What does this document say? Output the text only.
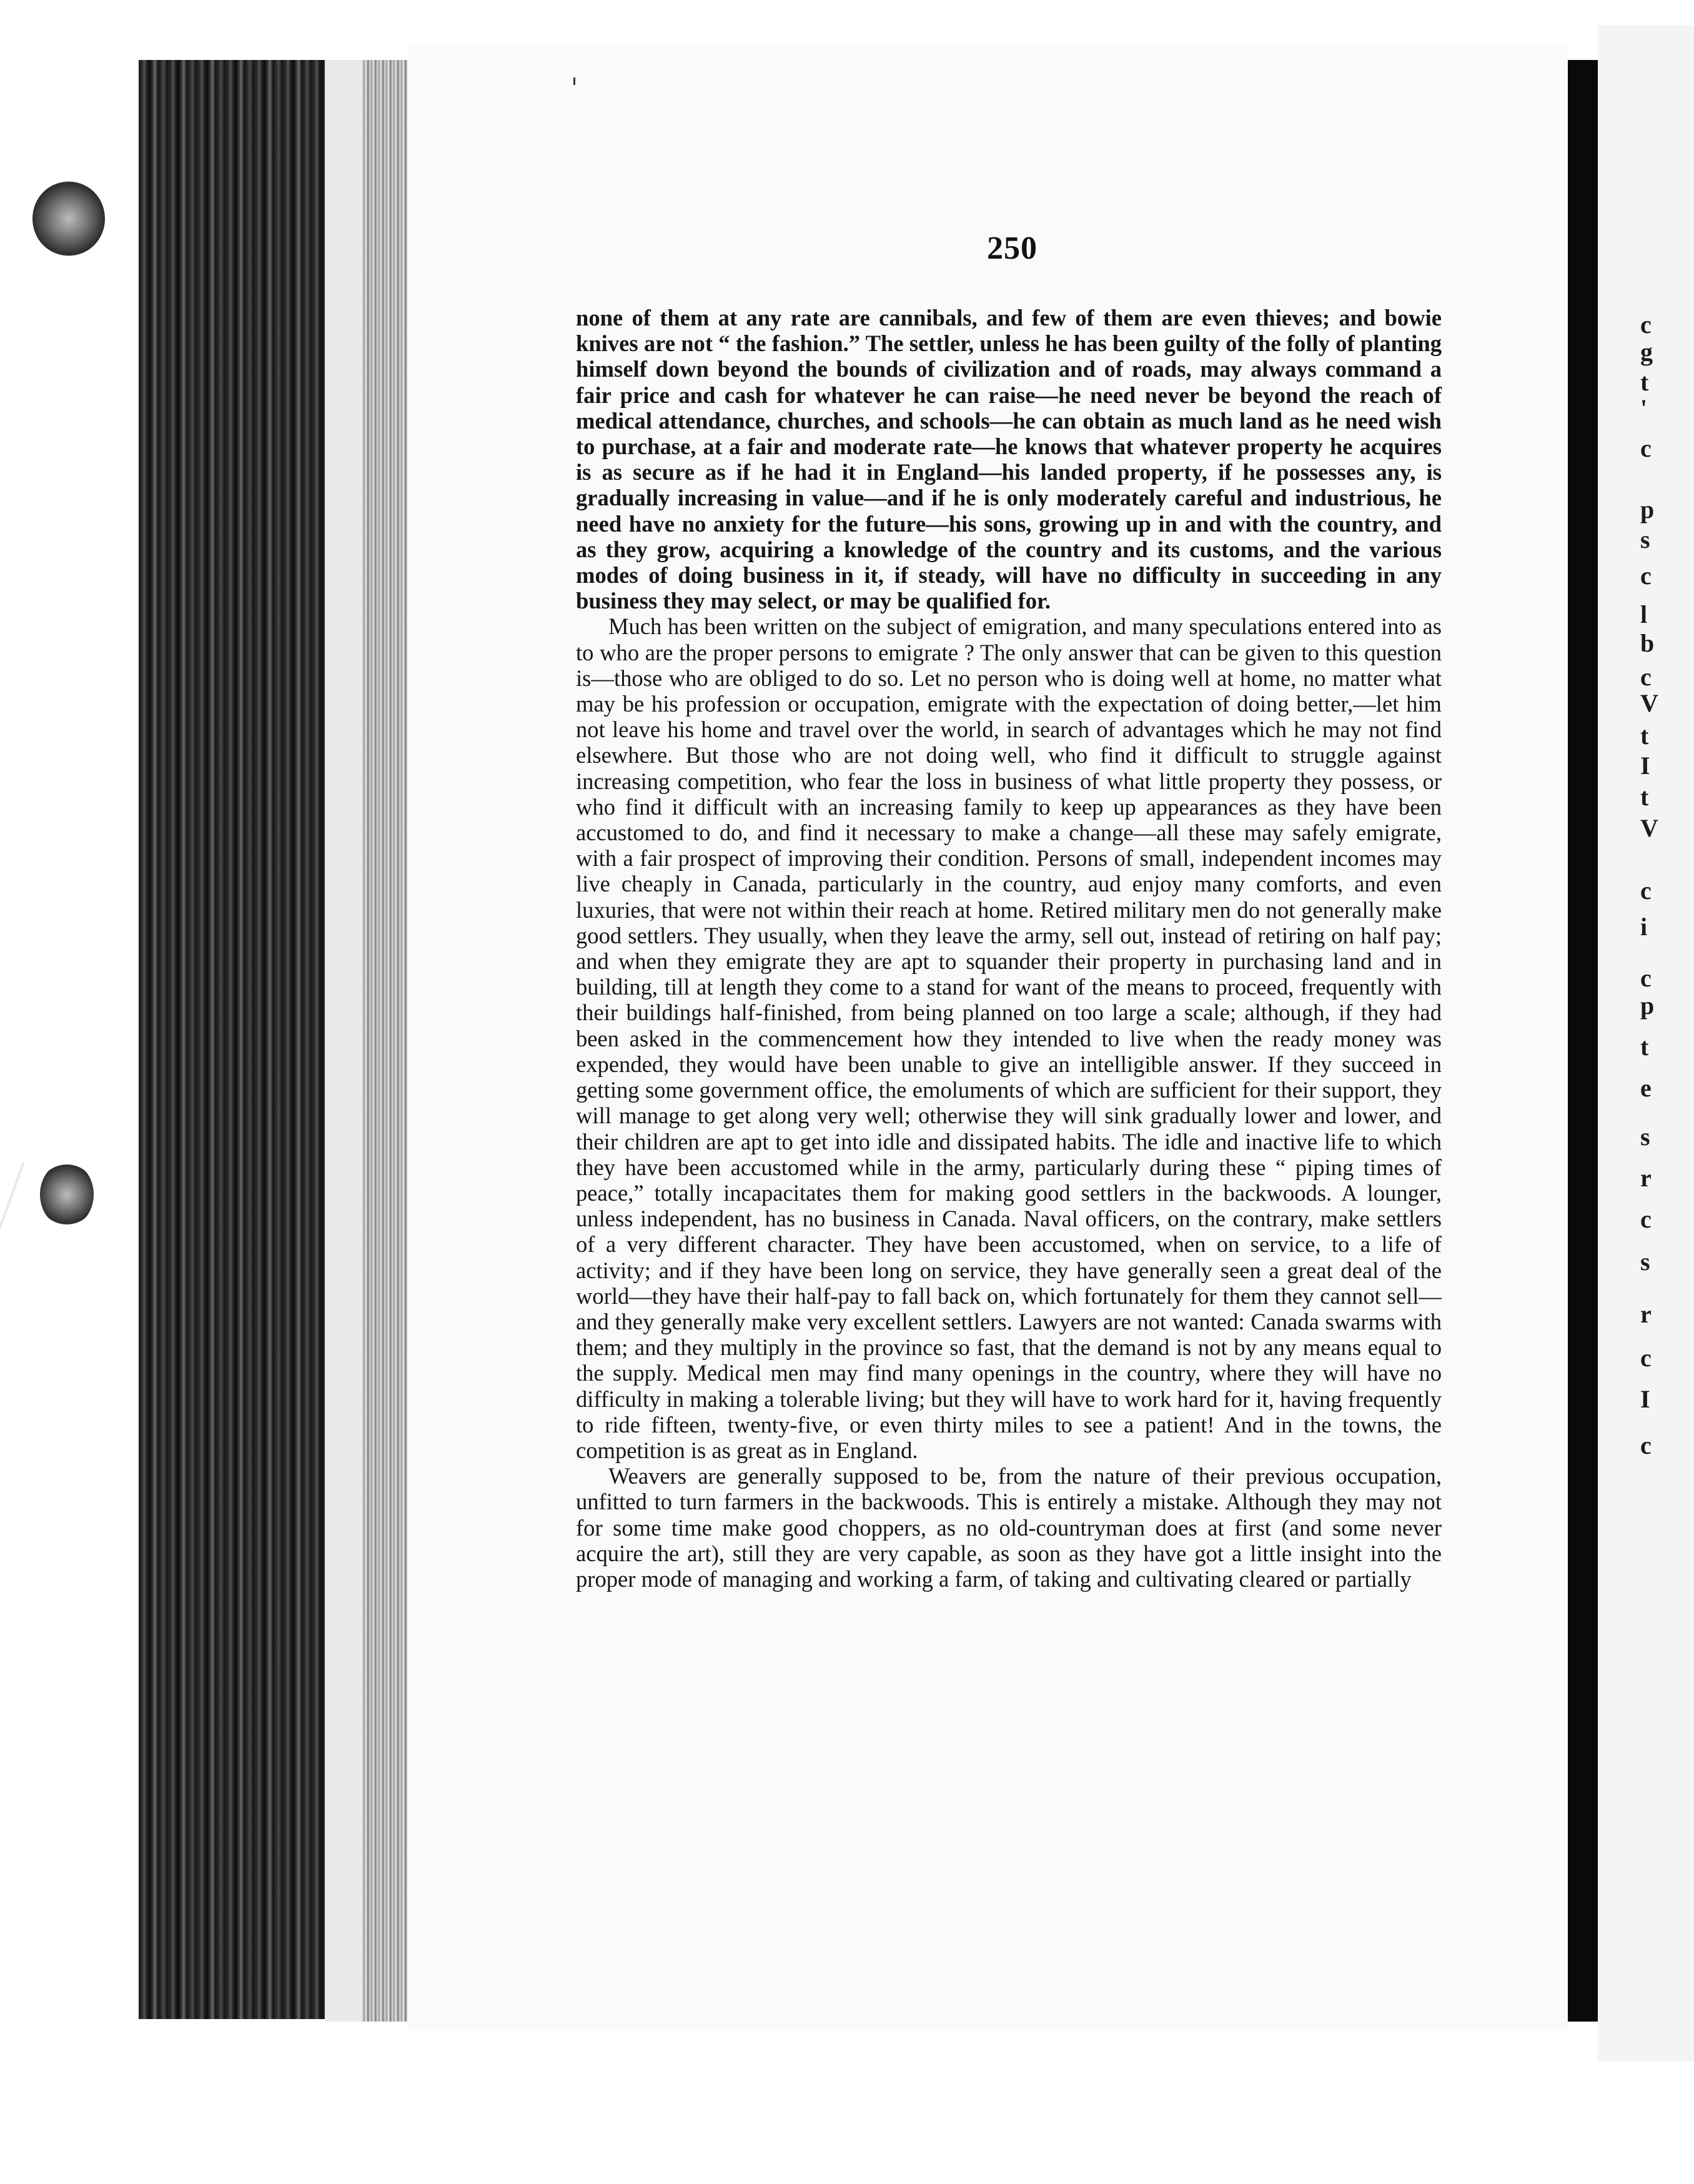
250

none of them at any rate are cannibals, and few of them are even thieves; and bowie knives are not “ the fashion.” The settler, unless he has been guilty of the folly of planting himself down beyond the bounds of civilization and of roads, may always command a fair price and cash for whatever he can raise—he need never be beyond the reach of medical attendance, churches, and schools—he can obtain as much land as he need wish to purchase, at a fair and moderate rate—he knows that whatever property he acquires is as secure as if he had it in England—his landed property, if he possesses any, is gradually increasing in value—and if he is only moderately careful and industrious, he need have no anxiety for the future—his sons, growing up in and with the country, and as they grow, acquiring a knowledge of the country and its customs, and the various modes of doing business in it, if steady, will have no difficulty in succeeding in any business they may select, or may be qualified for.

Much has been written on the subject of emigration, and many speculations entered into as to who are the proper persons to emigrate ? The only answer that can be given to this question is—those who are obliged to do so. Let no person who is doing well at home, no matter what may be his profession or occupation, emigrate with the expectation of doing better,—let him not leave his home and travel over the world, in search of advantages which he may not find elsewhere. But those who are not doing well, who find it difficult to struggle against increasing competition, who fear the loss in business of what little property they possess, or who find it difficult with an increasing family to keep up appearances as they have been accustomed to do, and find it necessary to make a change—all these may safely emigrate, with a fair prospect of improving their condition. Persons of small, independent incomes may live cheaply in Canada, particularly in the country, aud enjoy many comforts, and even luxuries, that were not within their reach at home. Retired military men do not generally make good settlers. They usually, when they leave the army, sell out, instead of retiring on half pay; and when they emigrate they are apt to squander their property in purchasing land and in building, till at length they come to a stand for want of the means to proceed, frequently with their buildings half-finished, from being planned on too large a scale; although, if they had been asked in the commencement how they intended to live when the ready money was expended, they would have been unable to give an intelligible answer. If they succeed in getting some government office, the emoluments of which are sufficient for their support, they will manage to get along very well; otherwise they will sink gradually lower and lower, and their children are apt to get into idle and dissipated habits. The idle and inactive life to which they have been accustomed while in the army, particularly during these “ piping times of peace,” totally incapacitates them for making good settlers in the backwoods. A lounger, unless independent, has no business in Canada. Naval officers, on the contrary, make settlers of a very different character. They have been accustomed, when on service, to a life of activity; and if they have been long on service, they have generally seen a great deal of the world—they have their half-pay to fall back on, which fortunately for them they cannot sell—and they generally make very excellent settlers. Lawyers are not wanted: Canada swarms with them; and they multiply in the province so fast, that the demand is not by any means equal to the supply. Medical men may find many openings in the country, where they will have no difficulty in making a tolerable living; but they will have to work hard for it, having frequently to ride fifteen, twenty-five, or even thirty miles to see a patient! And in the towns, the competition is as great as in England.

Weavers are generally supposed to be, from the nature of their previous occupation, unfitted to turn farmers in the backwoods. This is entirely a mistake. Although they may not for some time make good choppers, as no old-countryman does at first (and some never acquire the art), still they are very capable, as soon as they have got a little insight into the proper mode of managing and working a farm, of taking and cultivating cleared or partially

c
g
t
'
c
p
s
c
l
b
c
V
t
I
t
V
c
i
c
p
t
e
s
r
c
s
r
c
I
c
